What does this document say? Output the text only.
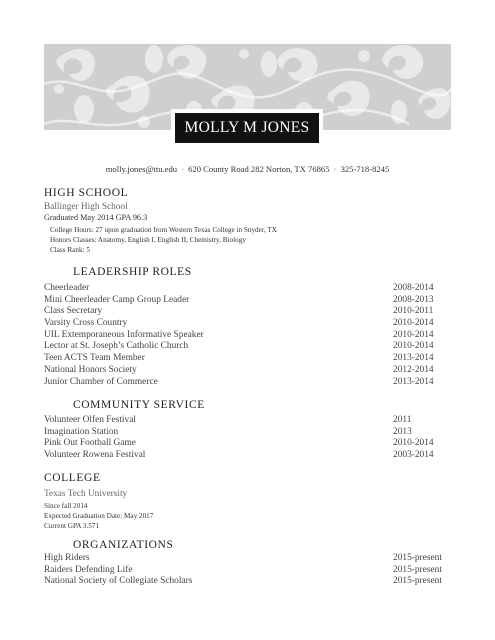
MOLLY M JONES
molly.jones@ttu.edu ◦ 620 County Road 282 Norton, TX 76865 ◦ 325-718-8245
HIGH SCHOOL
Ballinger High School
Graduated May 2014 GPA 96.3
College Hours: 27 upon graduation from Western Texas College in Snyder, TX
Honors Classes: Anatomy, English I, English II, Chemistry, Biology
Class Rank: 5
LEADERSHIP ROLES
Cheerleader	2008-2014
Mini Cheerleader Camp Group Leader	2008-2013
Class Secretary	2010-2011
Varsity Cross Country	2010-2014
UIL Extemporaneous Informative Speaker	2010-2014
Lector at St. Joseph’s Catholic Church	2010-2014
Teen ACTS Team Member	2013-2014
National Honors Society	2012-2014
Junior Chamber of Commerce	2013-2014
COMMUNITY SERVICE
Volunteer Olfen Festival	2011
Imagination Station	2013
Pink Out Football Game	2010-2014
Volunteer Rowena Festival	2003-2014
COLLEGE
Texas Tech University
Since fall 2014
Expected Graduation Date: May 2017
Current GPA 3.571
ORGANIZATIONS
High Riders	2015-present
Raiders Defending Life	2015-present
National Society of Collegiate Scholars	2015-present
